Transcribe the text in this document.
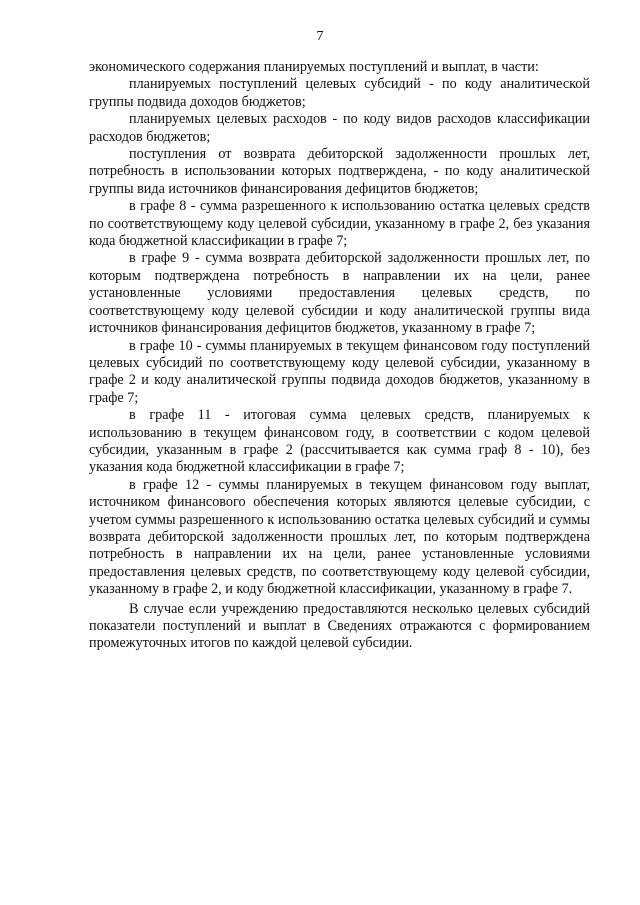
7

экономического содержания планируемых поступлений и выплат, в части:

планируемых поступлений целевых субсидий - по коду аналитической группы подвида доходов бюджетов;

планируемых целевых расходов - по коду видов расходов классификации расходов бюджетов;

поступления от возврата дебиторской задолженности прошлых лет, потребность в использовании которых подтверждена, - по коду аналитической группы вида источников финансирования дефицитов бюджетов;

в графе 8 - сумма разрешенного к использованию остатка целевых средств по соответствующему коду целевой субсидии, указанному в графе 2, без указания кода бюджетной классификации в графе 7;

в графе 9 - сумма возврата дебиторской задолженности прошлых лет, по которым подтверждена потребность в направлении их на цели, ранее установленные условиями предоставления целевых средств, по соответствующему коду целевой субсидии и коду аналитической группы вида источников финансирования дефицитов бюджетов, указанному в графе 7;

в графе 10 - суммы планируемых в текущем финансовом году поступлений целевых субсидий по соответствующему коду целевой субсидии, указанному в графе 2 и коду аналитической группы подвида доходов бюджетов, указанному в графе 7;

в графе 11 - итоговая сумма целевых средств, планируемых к использованию в текущем финансовом году, в соответствии с кодом целевой субсидии, указанным в графе 2 (рассчитывается как сумма граф 8 - 10), без указания кода бюджетной классификации в графе 7;

в графе 12 - суммы планируемых в текущем финансовом году выплат, источником финансового обеспечения которых являются целевые субсидии, с учетом суммы разрешенного к использованию остатка целевых субсидий и суммы возврата дебиторской задолженности прошлых лет, по которым подтверждена потребность в направлении их на цели, ранее установленные условиями предоставления целевых средств, по соответствующему коду целевой субсидии, указанному в графе 2, и коду бюджетной классификации, указанному в графе 7.

В случае если учреждению предоставляются несколько целевых субсидий показатели поступлений и выплат в Сведениях отражаются с формированием промежуточных итогов по каждой целевой субсидии.
